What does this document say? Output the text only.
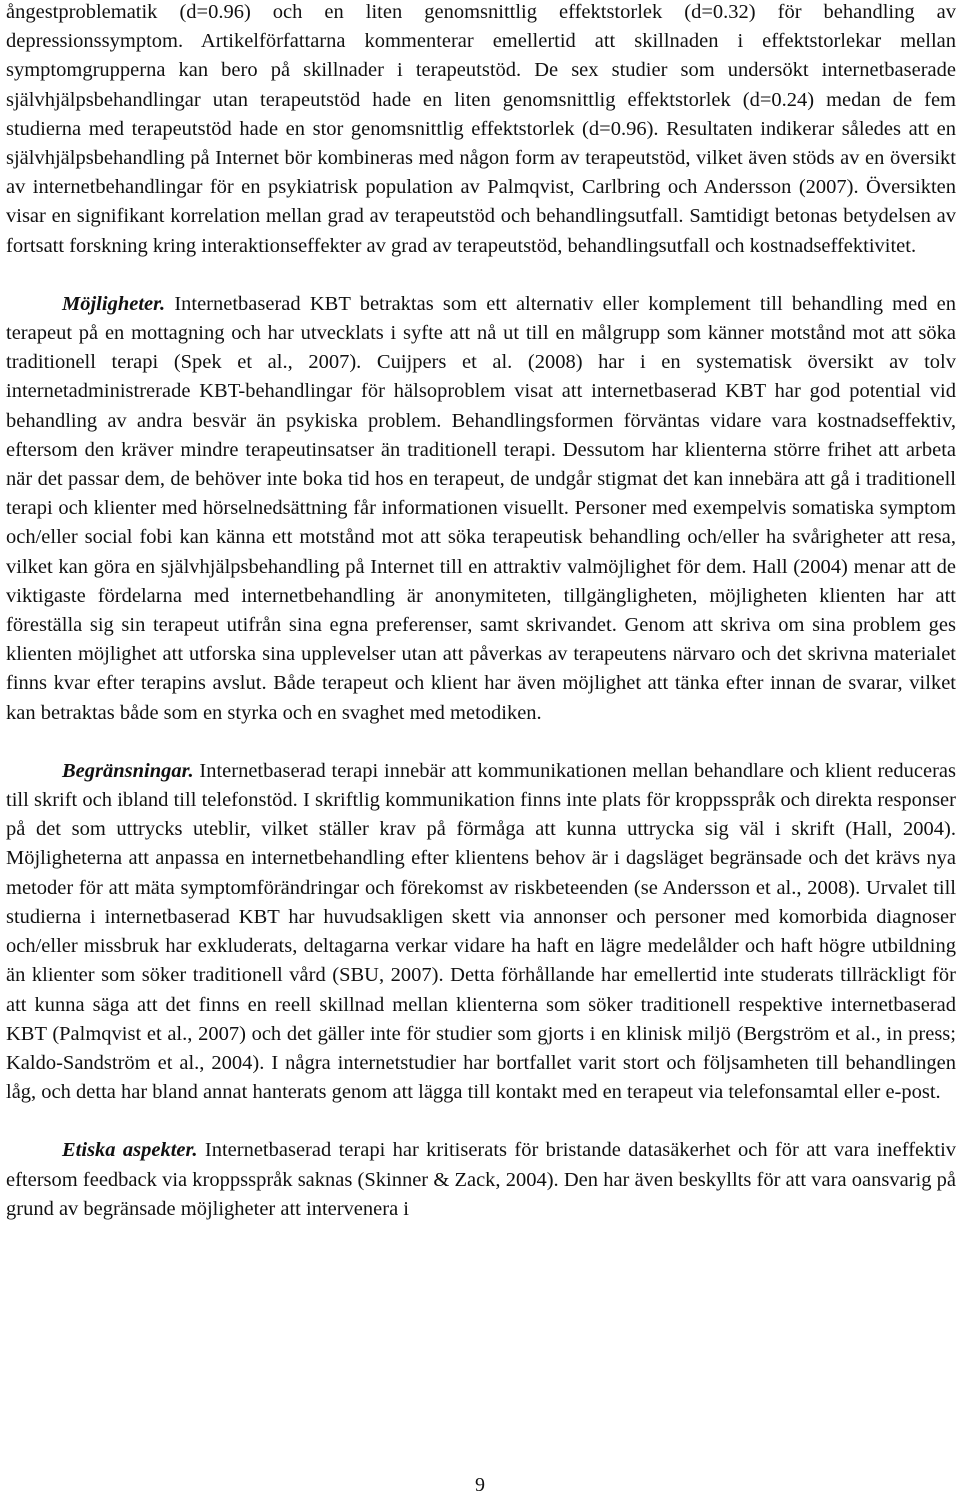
ångestproblematik (d=0.96) och en liten genomsnittlig effektstorlek (d=0.32) för behandling av depressionssymptom. Artikelförfattarna kommenterar emellertid att skillnaden i effektstorlekar mellan symptomgrupperna kan bero på skillnader i terapeutstöd. De sex studier som undersökt internetbaserade självhjälpsbehandlingar utan terapeutstöd hade en liten genomsnittlig effektstorlek (d=0.24) medan de fem studierna med terapeutstöd hade en stor genomsnittlig effektstorlek (d=0.96). Resultaten indikerar således att en självhjälpsbehandling på Internet bör kombineras med någon form av terapeutstöd, vilket även stöds av en översikt av internetbehandlingar för en psykiatrisk population av Palmqvist, Carlbring och Andersson (2007). Översikten visar en signifikant korrelation mellan grad av terapeutstöd och behandlingsutfall. Samtidigt betonas betydelsen av fortsatt forskning kring interaktionseffekter av grad av terapeutstöd, behandlingsutfall och kostnadseffektivitet.

Möjligheter. Internetbaserad KBT betraktas som ett alternativ eller komplement till behandling med en terapeut på en mottagning och har utvecklats i syfte att nå ut till en målgrupp som känner motstånd mot att söka traditionell terapi (Spek et al., 2007). Cuijpers et al. (2008) har i en systematisk översikt av tolv internetadministrerade KBT-behandlingar för hälsoproblem visat att internetbaserad KBT har god potential vid behandling av andra besvär än psykiska problem. Behandlingsformen förväntas vidare vara kostnadseffektiv, eftersom den kräver mindre terapeutinsatser än traditionell terapi. Dessutom har klienterna större frihet att arbeta när det passar dem, de behöver inte boka tid hos en terapeut, de undgår stigmat det kan innebära att gå i traditionell terapi och klienter med hörselnedsättning får informationen visuellt. Personer med exempelvis somatiska symptom och/eller social fobi kan känna ett motstånd mot att söka terapeutisk behandling och/eller ha svårigheter att resa, vilket kan göra en självhjälpsbehandling på Internet till en attraktiv valmöjlighet för dem. Hall (2004) menar att de viktigaste fördelarna med internetbehandling är anonymiteten, tillgängligheten, möjligheten klienten har att föreställa sig sin terapeut utifrån sina egna preferenser, samt skrivandet. Genom att skriva om sina problem ges klienten möjlighet att utforska sina upplevelser utan att påverkas av terapeutens närvaro och det skrivna materialet finns kvar efter terapins avslut. Både terapeut och klient har även möjlighet att tänka efter innan de svarar, vilket kan betraktas både som en styrka och en svaghet med metodiken.

Begränsningar. Internetbaserad terapi innebär att kommunikationen mellan behandlare och klient reduceras till skrift och ibland till telefonstöd. I skriftlig kommunikation finns inte plats för kroppsspråk och direkta responser på det som uttrycks uteblir, vilket ställer krav på förmåga att kunna uttrycka sig väl i skrift (Hall, 2004). Möjligheterna att anpassa en internetbehandling efter klientens behov är i dagsläget begränsade och det krävs nya metoder för att mäta symptomförändringar och förekomst av riskbeteenden (se Andersson et al., 2008). Urvalet till studierna i internetbaserad KBT har huvudsakligen skett via annonser och personer med komorbida diagnoser och/eller missbruk har exkluderats, deltagarna verkar vidare ha haft en lägre medelålder och haft högre utbildning än klienter som söker traditionell vård (SBU, 2007). Detta förhållande har emellertid inte studerats tillräckligt för att kunna säga att det finns en reell skillnad mellan klienterna som söker traditionell respektive internetbaserad KBT (Palmqvist et al., 2007) och det gäller inte för studier som gjorts i en klinisk miljö (Bergström et al., in press; Kaldo-Sandström et al., 2004). I några internetstudier har bortfallet varit stort och följsamheten till behandlingen låg, och detta har bland annat hanterats genom att lägga till kontakt med en terapeut via telefonsamtal eller e-post.

Etiska aspekter. Internetbaserad terapi har kritiserats för bristande datasäkerhet och för att vara ineffektiv eftersom feedback via kroppsspråk saknas (Skinner & Zack, 2004). Den har även beskyllts för att vara oansvarig på grund av begränsade möjligheter att intervenera i

9
